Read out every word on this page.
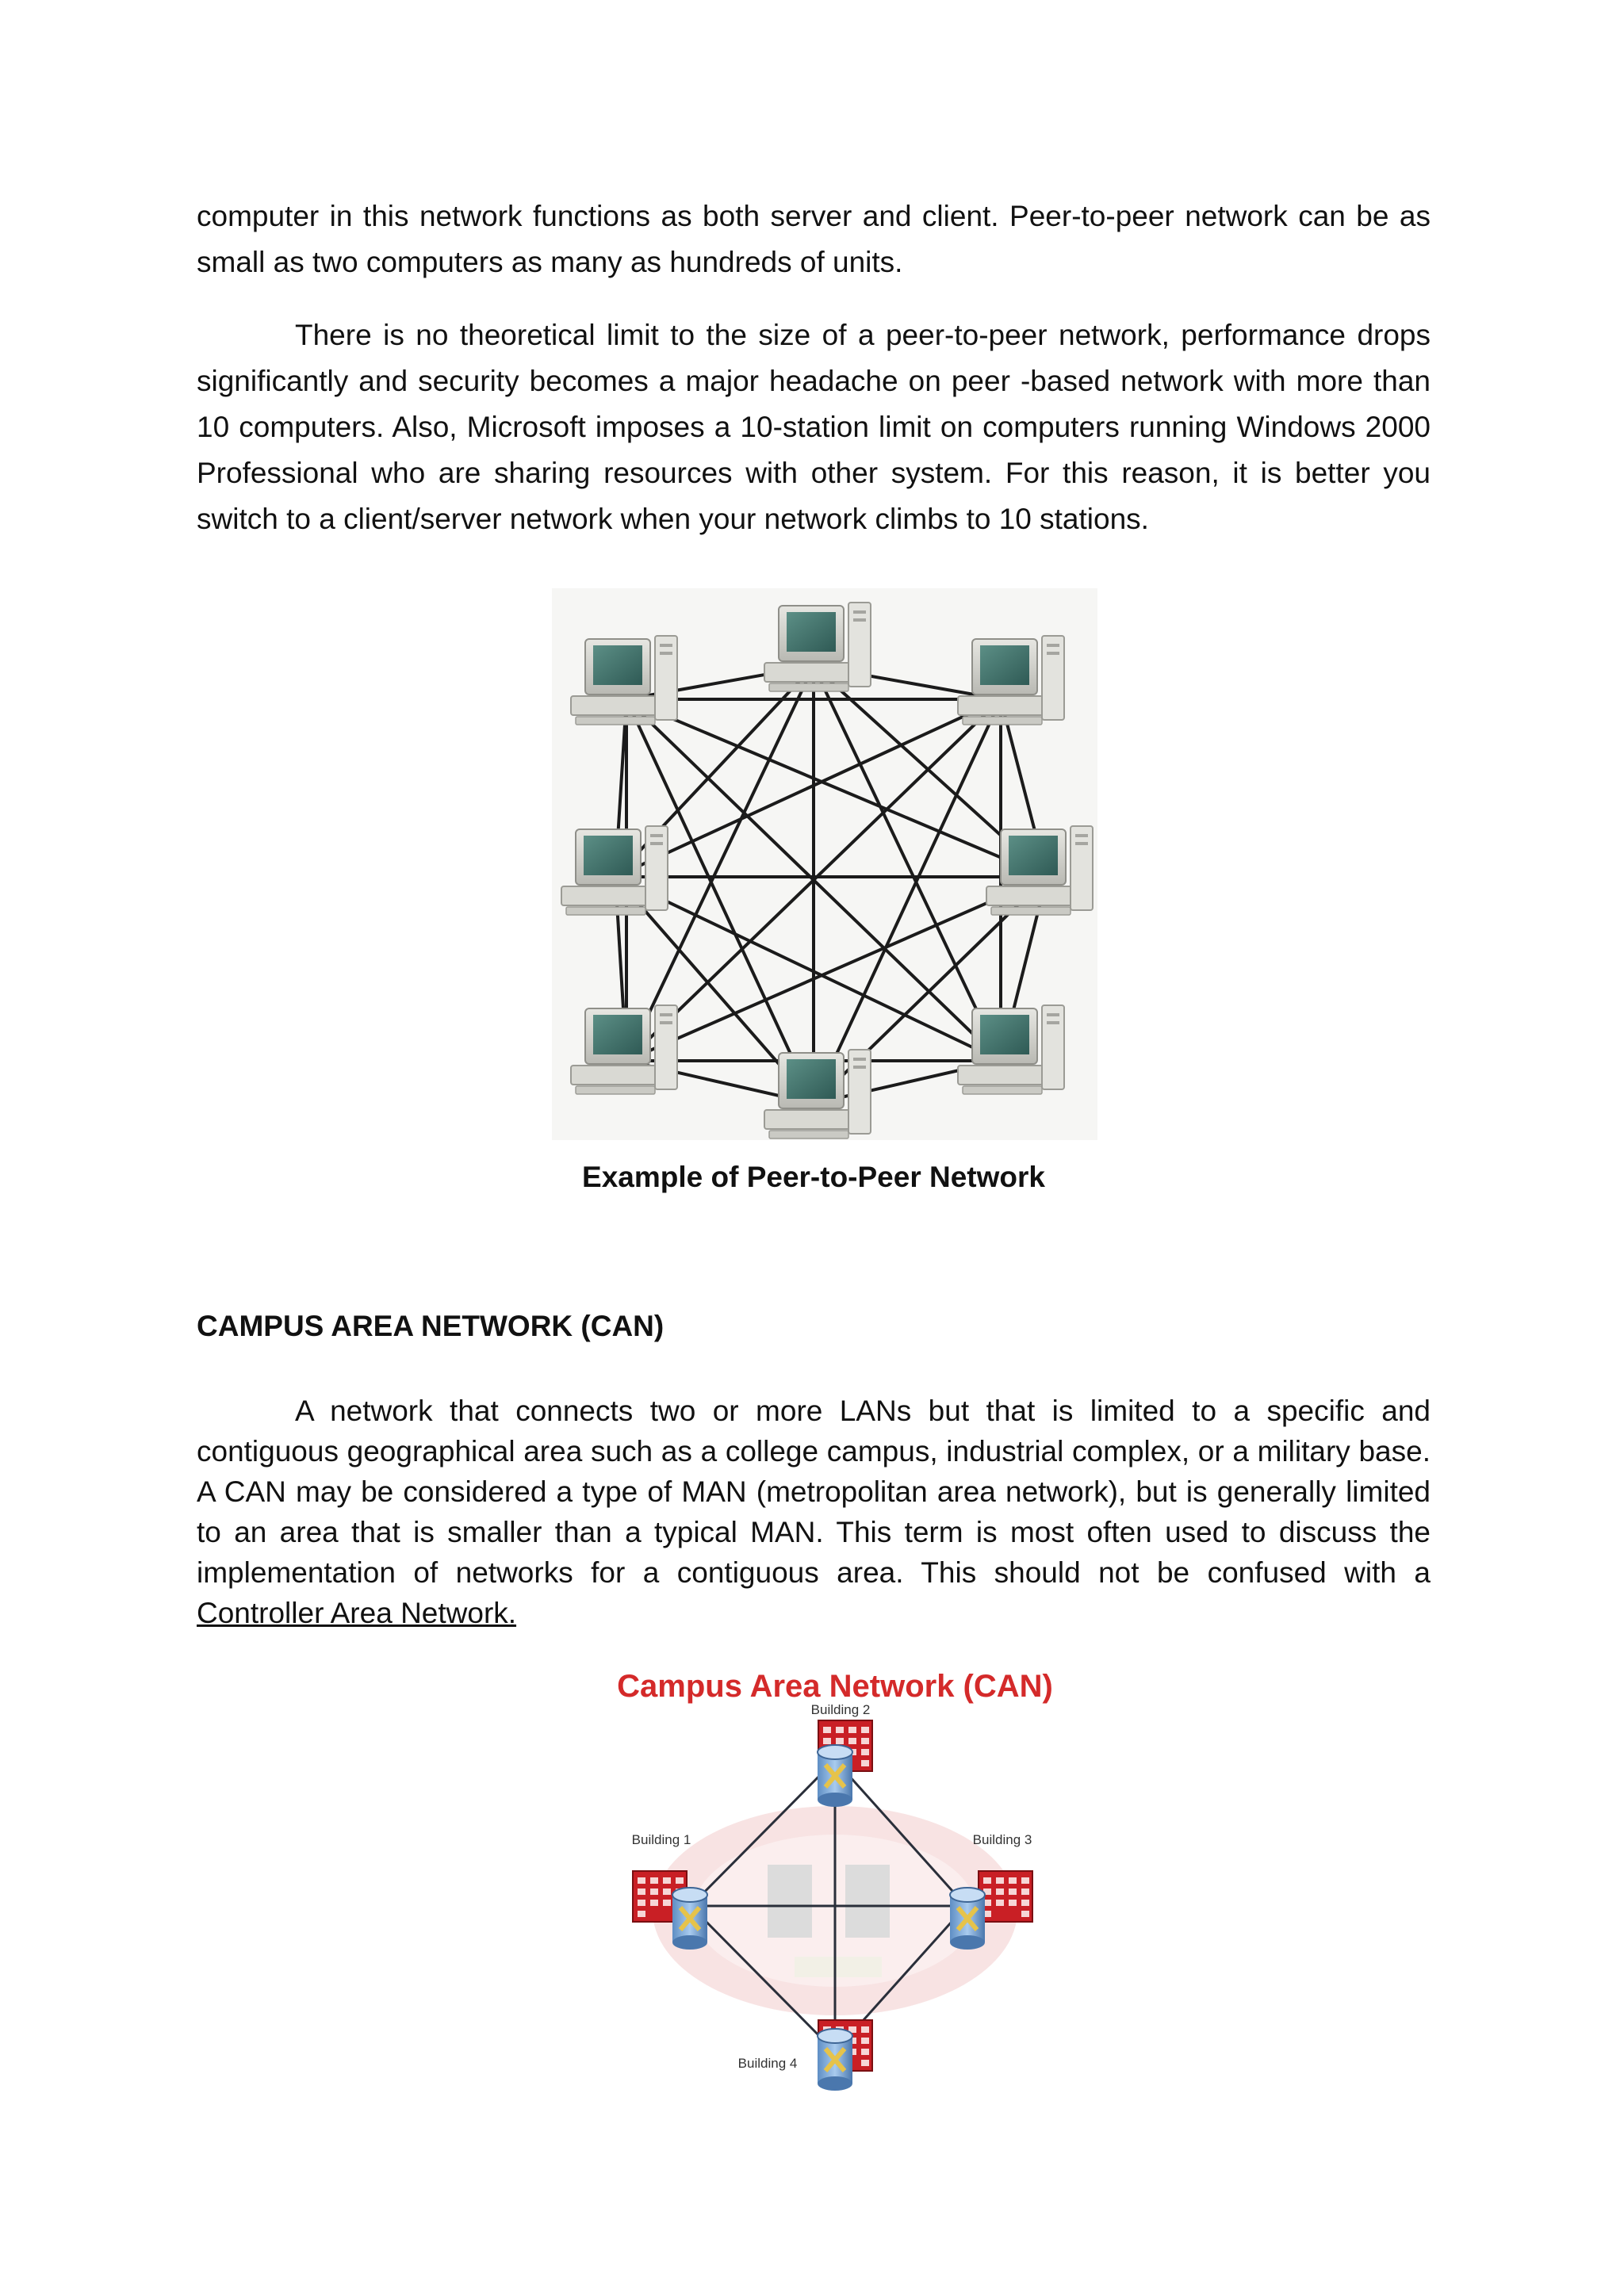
computer in this network functions as both server and client. Peer-to-peer network can be as small as two computers as many as hundreds of units.

There is no theoretical limit to the size of a peer-to-peer network, performance drops significantly and security becomes a major headache on peer -based network with more than 10 computers. Also, Microsoft imposes a 10-station limit on computers running Windows 2000 Professional who are sharing resources with other system. For this reason, it is better you switch to a client/server network when your network climbs to 10 stations.

Example of Peer-to-Peer Network

CAMPUS AREA NETWORK (CAN)

A network that connects two or more LANs but that is limited to a specific and contiguous geographical area such as a college campus, industrial complex, or a military base. A CAN may be considered a type of MAN (metropolitan area network), but is generally limited to an area that is smaller than a typical MAN. This term is most often used to discuss the implementation of networks for a contiguous area. This should not be confused with a Controller Area Network.

Campus Area Network (CAN)
Building 2
Building 1	Building 3
Building 4
